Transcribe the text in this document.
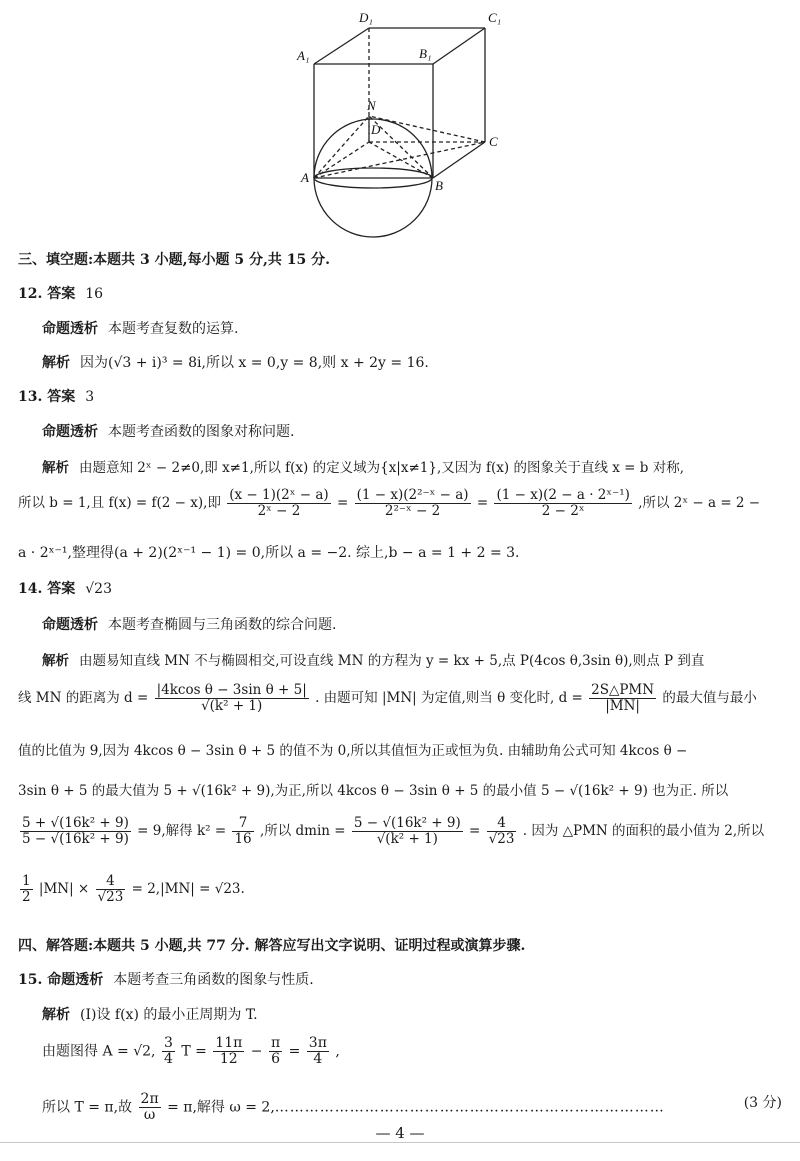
D₁	C₁
A₁	B₁
N
D
C
A
B
三、填空题:本题共 3 小题,每小题 5 分,共 15 分.
12. 答案 16
命题透析 本题考查复数的运算.
解析 因为(√3 + i)³ = 8i,所以 x = 0,y = 8,则 x + 2y = 16.
13. 答案 3
命题透析 本题考查函数的图象对称问题.
解析 由题意知 2ˣ − 2≠0,即 x≠1,所以 f(x) 的定义域为{x|x≠1},又因为 f(x) 的图象关于直线 x = b 对称,
所以 b = 1,且 f(x) = f(2 − x),即 $\frac{\text{(x − 1)(2ˣ − a)}}{\text{2ˣ − 2}} = \frac{\text{(1 − x)(2²⁻ˣ − a)}}{\text{2²⁻ˣ − 2}} = \frac{\text{(1 − x)(2 − a · 2ˣ⁻¹)}}{\text{2 − 2ˣ}}$ ,所以 2ˣ − a = 2 −
a · 2ˣ⁻¹,整理得(a + 2)(2ˣ⁻¹ − 1) = 0,所以 a = −2. 综上,b − a = 1 + 2 = 3.
14. 答案 √23
命题透析 本题考查椭圆与三角函数的综合问题.
解析 由题易知直线 MN 不与椭圆相交,可设直线 MN 的方程为 y = kx + 5,点 P(4cos θ,3sin θ),则点 P 到直
线 MN 的距离为 $d = \frac{\text{|4kcos θ − 3sin θ + 5|}}{\text{√(k² + 1)}}$ . 由题可知 |MN| 为定值,则当 θ 变化时, $d = \frac{\text{2S△PMN}}{|MN|}$ 的最大值与最小
值的比值为 9,因为 4kcos θ − 3sin θ + 5 的值不为 0,所以其值恒为正或恒为负. 由辅助角公式可知 4kcos θ −
3sin θ + 5 的最大值为 5 + √(16k² + 9),为正,所以 4kcos θ − 3sin θ + 5 的最小值 5 − √(16k² + 9) 也为正. 所以
$\frac{\text{5 + √(16k² + 9)}}{\text{5 − √(16k² + 9)}} = 9$,解得 $k^2 = \frac{7}{16}$ ,所以 $dmin = \frac{\text{5 − √(16k² + 9)}}{\text{√(k² + 1)}} = \frac{4}{√23}$ . 因为 △PMN 的面积的最小值为 2,所以
$\frac{1}{2} |MN| \times \frac{4}{√23} = 2,|MN| = √23$.
四、解答题:本题共 5 小题,共 77 分. 解答应写出文字说明、证明过程或演算步骤.
15. 命题透析 本题考查三角函数的图象与性质.
解析 (Ⅰ)设 f(x) 的最小正周期为 T.
由题图得 A = √2, $\frac{3}{4}$ $T = \frac{11\pi}{12} - \frac{\pi}{6} = \frac{3\pi}{4}$ ,
所以 T = π,故 $\frac{2\pi}{\omega} = \pi$,解得 ω = 2,……………………………………………………………………	(3 分)
— 4 —
